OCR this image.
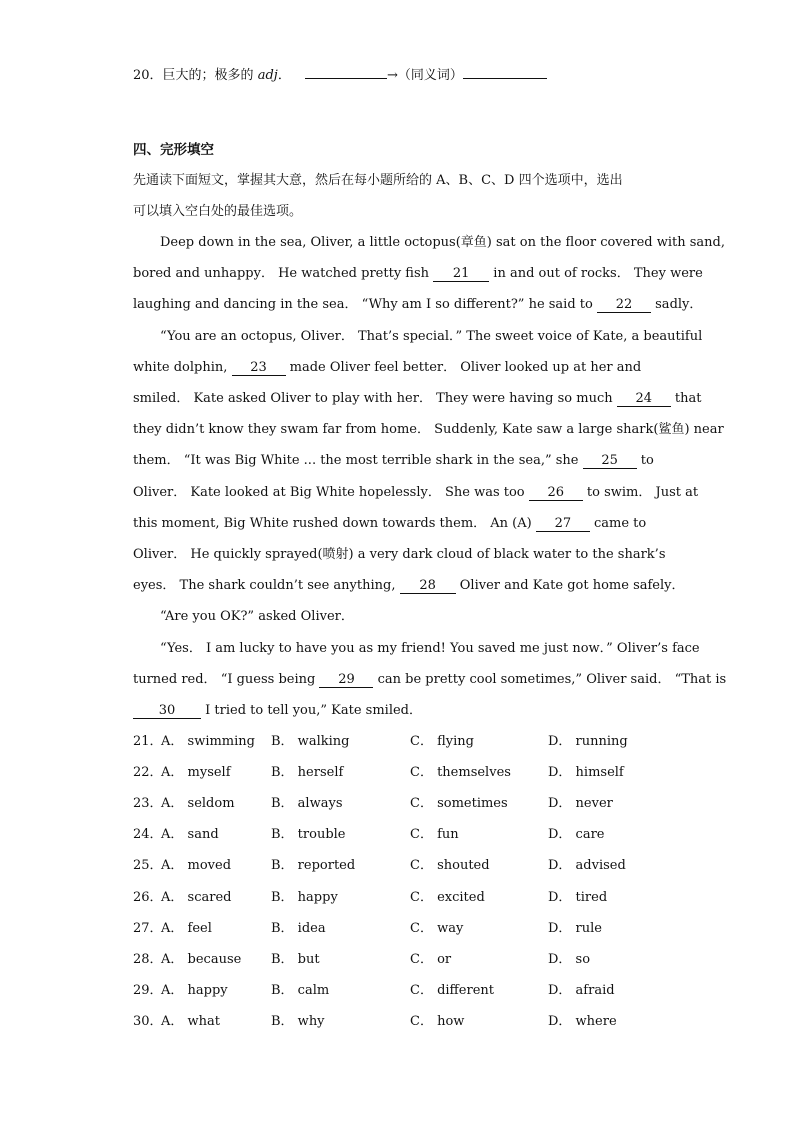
20．巨大的；极多的 adj．	→（同义词）
四、完形填空
先通读下面短文，掌握其大意，然后在每小题所给的 A、B、C、D 四个选项中，选出
可以填入空白处的最佳选项。
Deep down in the sea, Oliver, a little octopus(章鱼) sat on the floor covered with sand,
bored and unhappy． He watched pretty fish 21 in and out of rocks． They were
laughing and dancing in the sea． “Why am I so different?” he said to 22 sadly．
“You are an octopus, Oliver． That’s special．” The sweet voice of Kate, a beautiful
white dolphin, 23 made Oliver feel better． Oliver looked up at her and
smiled． Kate asked Oliver to play with her． They were having so much 24 that
they didn’t know they swam far from home． Suddenly, Kate saw a large shark(鲨鱼) near
them． “It was Big White ... the most terrible shark in the sea,” she 25 to
Oliver． Kate looked at Big White hopelessly． She was too 26 to swim． Just at
this moment, Big White rushed down towards them． An (A) 27 came to
Oliver． He quickly sprayed(喷射) a very dark cloud of black water to the shark’s
eyes． The shark couldn’t see anything, 28 Oliver and Kate got home safely．
“Are you OK?” asked Oliver．
“Yes． I am lucky to have you as my friend! You saved me just now．” Oliver’s face
turned red． “I guess being 29 can be pretty cool sometimes,” Oliver said． “That is
30 I tried to tell you,” Kate smiled．
21．
A． swimming B． walking	C． flying	D． running
22．
A． myself	B． herself	C． themselves	D． himself
23．
A． seldom	B． always	C． sometimes	D． never
24．
A． sand	B． trouble	C． fun	D． care
25．
A． moved	B． reported	C． shouted	D． advised
26．
A． scared	B． happy	C． excited	D． tired
27．
A． feel	B． idea	C． way	D． rule
28．
A． because B． but	C． or	D． so
29．
A． happy	B． calm	C． different	D． afraid
30．
A． what	B． why	C． how	D． where
